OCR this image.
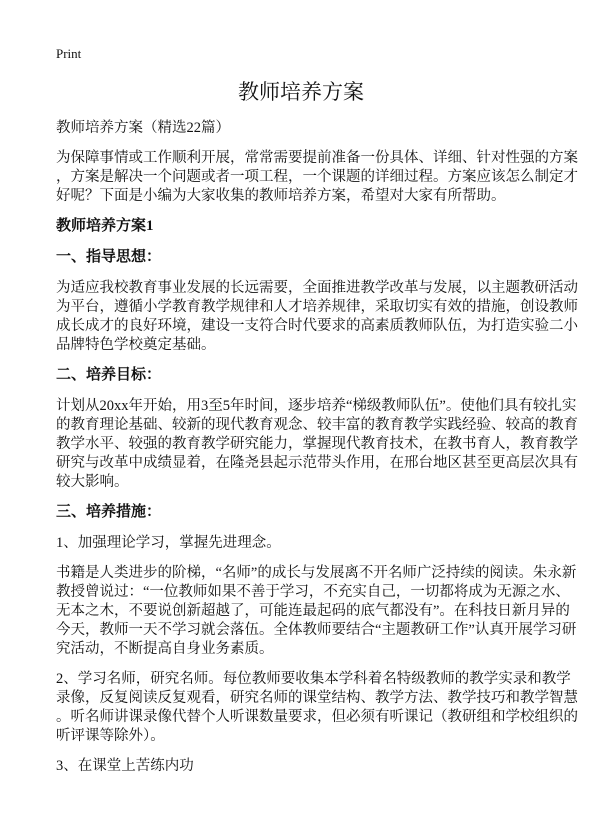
Print
教师培养方案
教师培养方案（精选22篇）
为保障事情或工作顺利开展，常常需要提前准备一份具体、详细、针对性强的方案
，方案是解决一个问题或者一项工程，一个课题的详细过程。方案应该怎么制定才
好呢？下面是小编为大家收集的教师培养方案，希望对大家有所帮助。
教师培养方案1
一、指导思想：
为适应我校教育事业发展的长远需要，全面推进教学改革与发展，以主题教研活动
为平台，遵循小学教育教学规律和人才培养规律，采取切实有效的措施，创设教师
成长成才的良好环境，建设一支符合时代要求的高素质教师队伍，为打造实验二小
品牌特色学校奠定基础。
二、培养目标：
计划从20xx年开始，用3至5年时间，逐步培养“梯级教师队伍”。使他们具有较扎实
的教育理论基础、较新的现代教育观念、较丰富的教育教学实践经验、较高的教育
教学水平、较强的教育教学研究能力，掌握现代教育技术，在教书育人，教育教学
研究与改革中成绩显着，在隆尧县起示范带头作用，在邢台地区甚至更高层次具有
较大影响。
三、培养措施：
1、加强理论学习，掌握先进理念。
书籍是人类进步的阶梯，“名师”的成长与发展离不开名师广泛持续的阅读。朱永新
教授曾说过：“一位教师如果不善于学习，不充实自己，一切都将成为无源之水、
无本之木，不要说创新超越了，可能连最起码的底气都没有”。在科技日新月异的
今天，教师一天不学习就会落伍。全体教师要结合“主题教研工作”认真开展学习研
究活动，不断提高自身业务素质。
2、学习名师，研究名师。每位教师要收集本学科着名特级教师的教学实录和教学
录像，反复阅读反复观看，研究名师的课堂结构、教学方法、教学技巧和教学智慧
。听名师讲课录像代替个人听课数量要求，但必须有听课记（教研组和学校组织的
听评课等除外）。
3、在课堂上苦练内功
